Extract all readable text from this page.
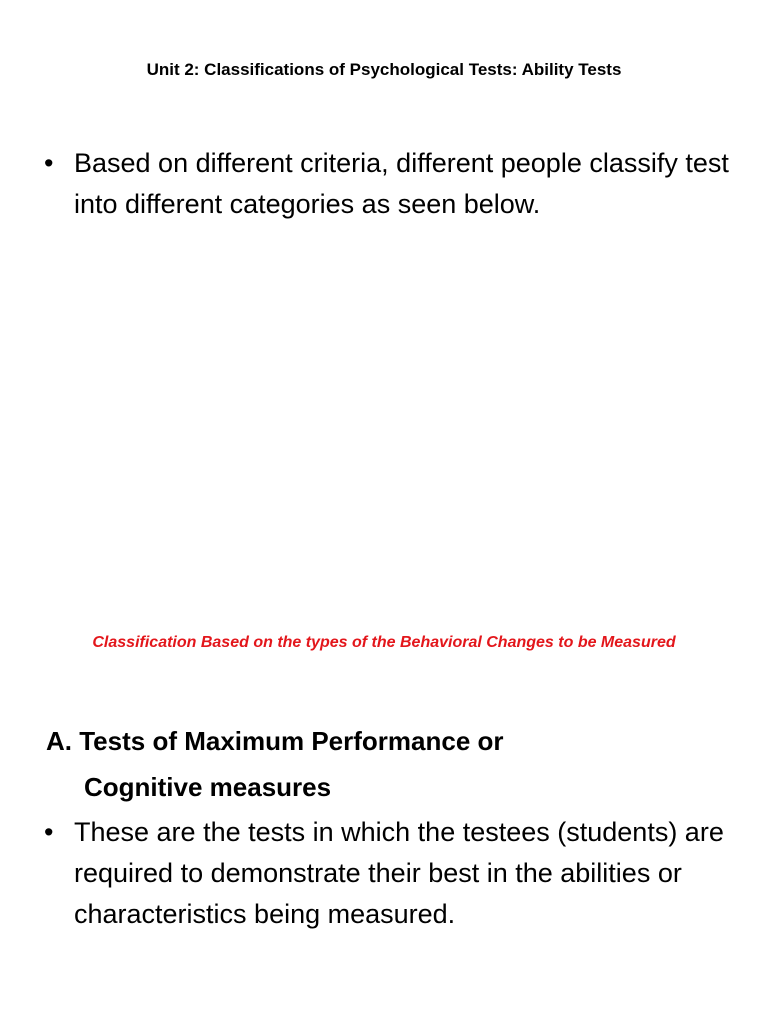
Unit 2: Classifications of Psychological Tests: Ability Tests
• Based on different criteria, different people classify test into different categories as seen below.
Classification Based on the types of the Behavioral Changes to be Measured
A. Tests of Maximum Performance or
Cognitive measures
• These are the tests in which the testees (students) are required to demonstrate their best in the abilities or characteristics being measured.
